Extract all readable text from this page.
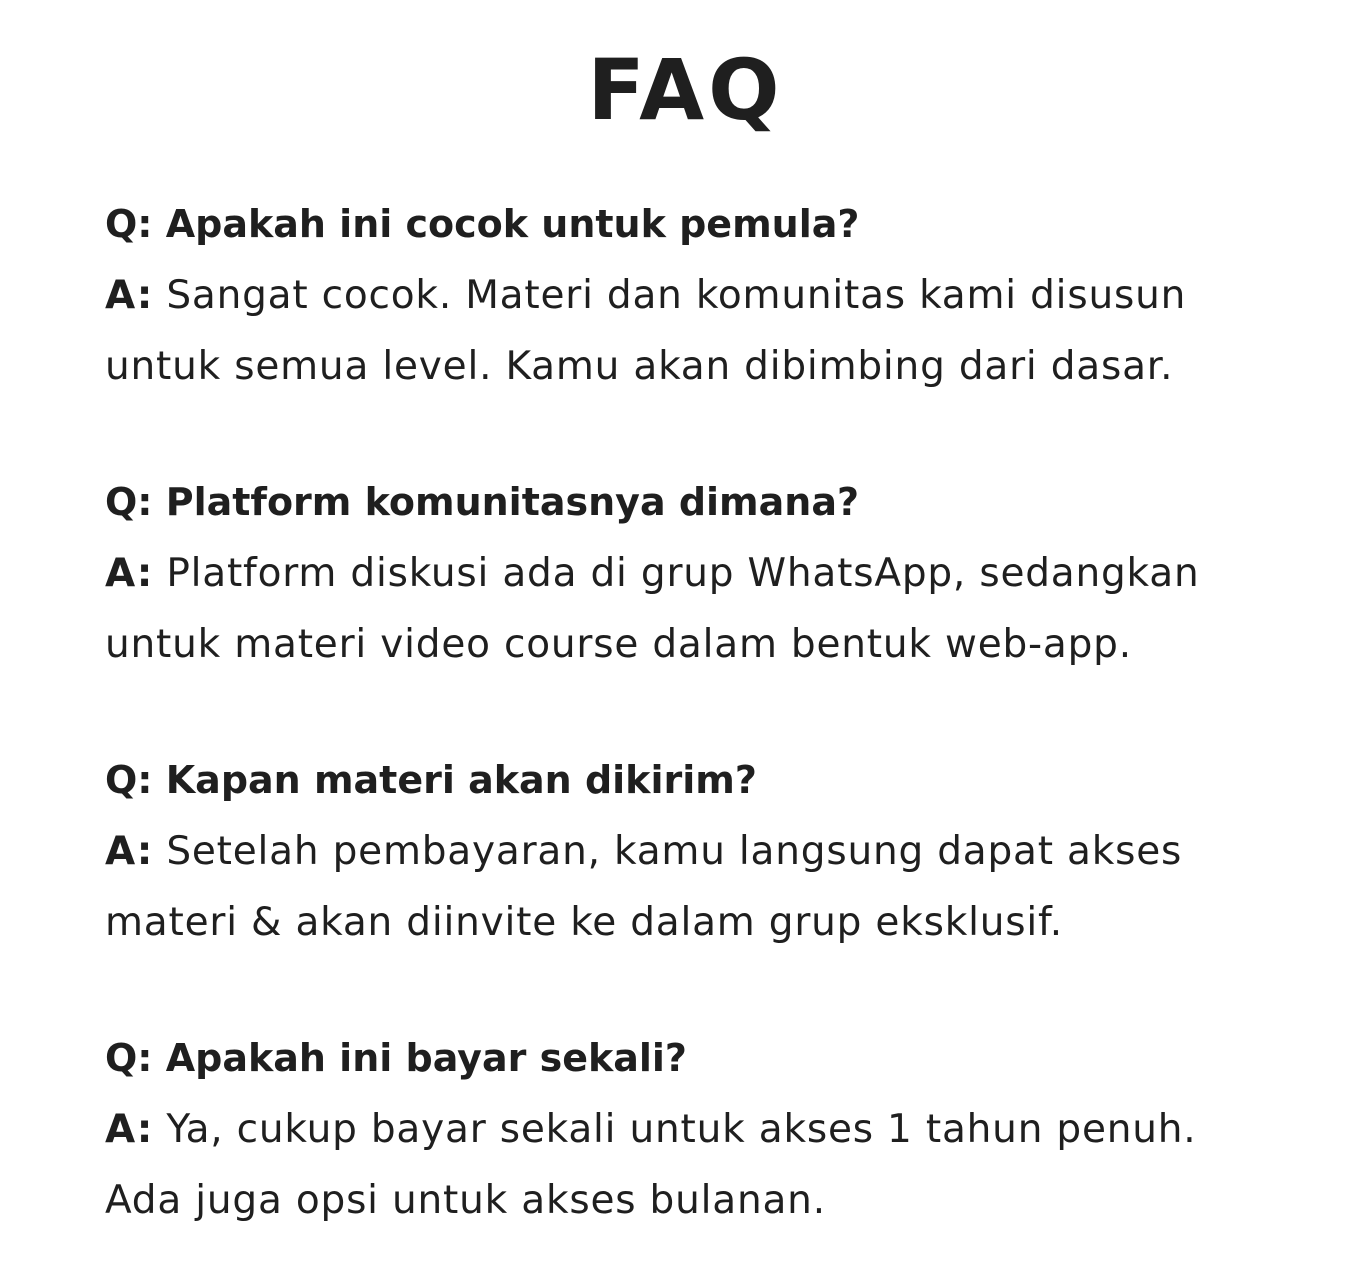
FAQ

Q: Apakah ini cocok untuk pemula?

A: Sangat cocok. Materi dan komunitas kami disusun untuk semua level. Kamu akan dibimbing dari dasar.

Q: Platform komunitasnya dimana?

A: Platform diskusi ada di grup WhatsApp, sedangkan untuk materi video course dalam bentuk web-app.

Q: Kapan materi akan dikirim?

A: Setelah pembayaran, kamu langsung dapat akses materi & akan diinvite ke dalam grup eksklusif.

Q: Apakah ini bayar sekali?

A: Ya, cukup bayar sekali untuk akses 1 tahun penuh. Ada juga opsi untuk akses bulanan.
